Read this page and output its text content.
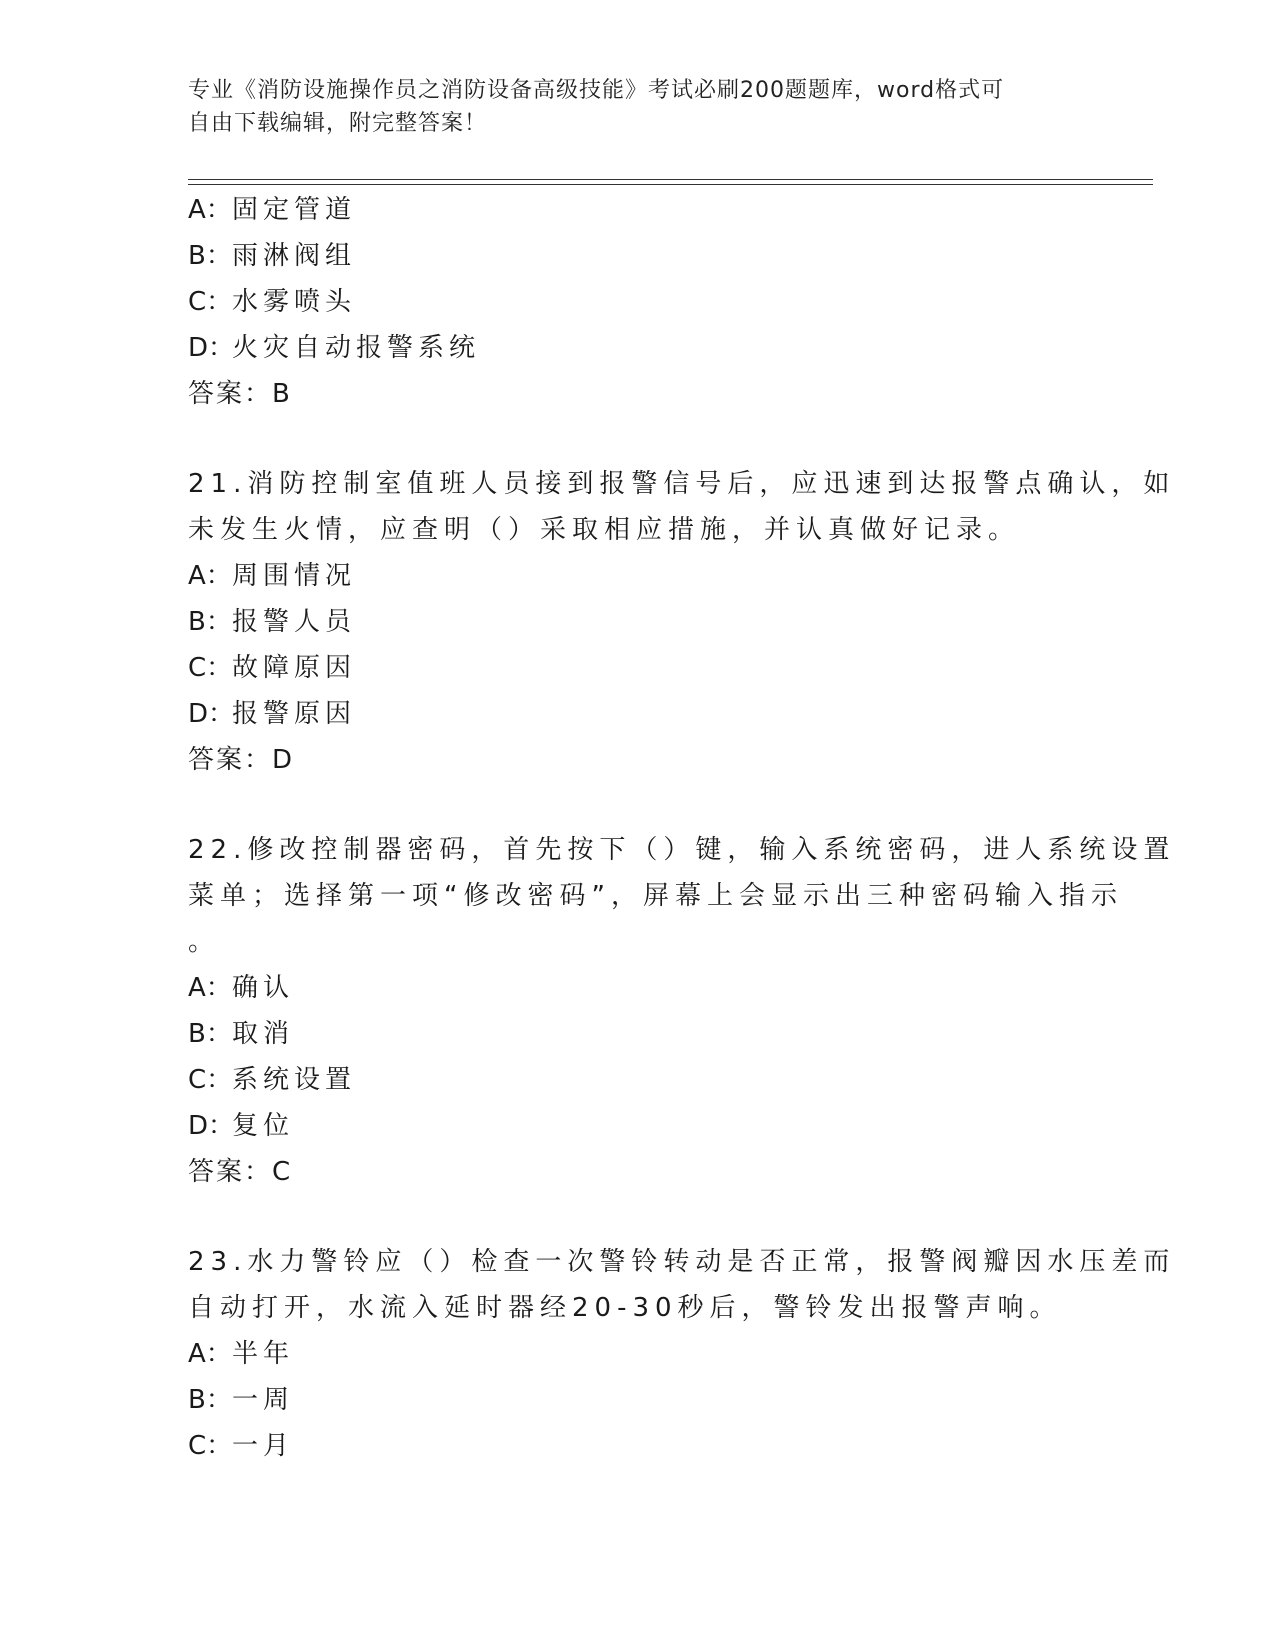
专业《消防设施操作员之消防设备高级技能》考试必刷200题题库，word格式可
自由下载编辑，附完整答案！
A：固定管道
B：雨淋阀组
C：水雾喷头
D：火灾自动报警系统
答案：B
21.消防控制室值班人员接到报警信号后，应迅速到达报警点确认，如
未发生火情，应查明（）采取相应措施，并认真做好记录。
A：周围情况
B：报警人员
C：故障原因
D：报警原因
答案：D
22.修改控制器密码，首先按下（）键，输入系统密码，进人系统设置
菜单；选择第一项“修改密码”，屏幕上会显示出三种密码输入指示
。
A：确认
B：取消
C：系统设置
D：复位
答案：C
23.水力警铃应（）检查一次警铃转动是否正常，报警阀瓣因水压差而
自动打开，水流入延时器经20-30秒后，警铃发出报警声响。
A：半年
B：一周
C：一月
